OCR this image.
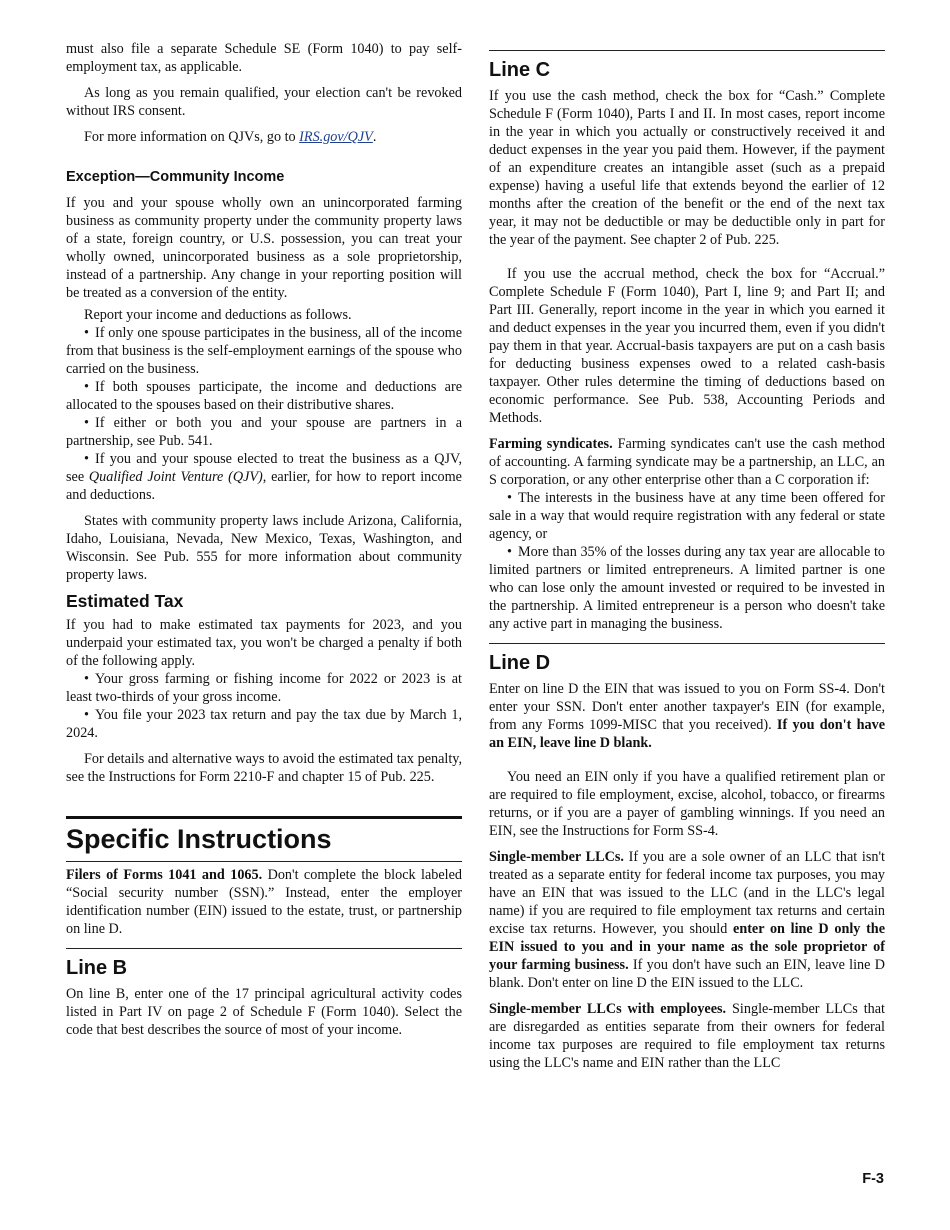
must also file a separate Schedule SE (Form 1040) to pay self-employment tax, as applicable.

As long as you remain qualified, your election can't be revoked without IRS consent.

For more information on QJVs, go to IRS.gov/QJV.

Exception—Community Income

If you and your spouse wholly own an unincorporated farming business as community property under the community property laws of a state, foreign country, or U.S. possession, you can treat your wholly owned, unincorporated business as a sole proprietorship, instead of a partnership. Any change in your reporting position will be treated as a conversion of the entity.

Report your income and deductions as follows.

• If only one spouse participates in the business, all of the income from that business is the self-employment earnings of the spouse who carried on the business.

• If both spouses participate, the income and deductions are allocated to the spouses based on their distributive shares.

• If either or both you and your spouse are partners in a partnership, see Pub. 541.

• If you and your spouse elected to treat the business as a QJV, see Qualified Joint Venture (QJV), earlier, for how to report income and deductions.

States with community property laws include Arizona, California, Idaho, Louisiana, Nevada, New Mexico, Texas, Washington, and Wisconsin. See Pub. 555 for more information about community property laws.

Estimated Tax

If you had to make estimated tax payments for 2023, and you underpaid your estimated tax, you won't be charged a penalty if both of the following apply.

• Your gross farming or fishing income for 2022 or 2023 is at least two-thirds of your gross income.

• You file your 2023 tax return and pay the tax due by March 1, 2024.

For details and alternative ways to avoid the estimated tax penalty, see the Instructions for Form 2210-F and chapter 15 of Pub. 225.

Specific Instructions

Filers of Forms 1041 and 1065. Don't complete the block labeled “Social security number (SSN).” Instead, enter the employer identification number (EIN) issued to the estate, trust, or partnership on line D.

Line B

On line B, enter one of the 17 principal agricultural activity codes listed in Part IV on page 2 of Schedule F (Form 1040). Select the code that best describes the source of most of your income.

Line C

If you use the cash method, check the box for “Cash.” Complete Schedule F (Form 1040), Parts I and II. In most cases, report income in the year in which you actually or constructively received it and deduct expenses in the year you paid them. However, if the payment of an expenditure creates an intangible asset (such as a prepaid expense) having a useful life that extends beyond the earlier of 12 months after the creation of the benefit or the end of the next tax year, it may not be deductible or may be deductible only in part for the year of the payment. See chapter 2 of Pub. 225.

If you use the accrual method, check the box for “Accrual.” Complete Schedule F (Form 1040), Part I, line 9; and Part II; and Part III. Generally, report income in the year in which you earned it and deduct expenses in the year you incurred them, even if you didn't pay them in that year. Accrual-basis taxpayers are put on a cash basis for deducting business expenses owed to a related cash-basis taxpayer. Other rules determine the timing of deductions based on economic performance. See Pub. 538, Accounting Periods and Methods.

Farming syndicates. Farming syndicates can't use the cash method of accounting. A farming syndicate may be a partnership, an LLC, an S corporation, or any other enterprise other than a C corporation if:

• The interests in the business have at any time been offered for sale in a way that would require registration with any federal or state agency, or

• More than 35% of the losses during any tax year are allocable to limited partners or limited entrepreneurs. A limited partner is one who can lose only the amount invested or required to be invested in the partnership. A limited entrepreneur is a person who doesn't take any active part in managing the business.

Line D

Enter on line D the EIN that was issued to you on Form SS-4. Don't enter your SSN. Don't enter another taxpayer's EIN (for example, from any Forms 1099-MISC that you received). If you don't have an EIN, leave line D blank.

You need an EIN only if you have a qualified retirement plan or are required to file employment, excise, alcohol, tobacco, or firearms returns, or if you are a payer of gambling winnings. If you need an EIN, see the Instructions for Form SS-4.

Single-member LLCs. If you are a sole owner of an LLC that isn't treated as a separate entity for federal income tax purposes, you may have an EIN that was issued to the LLC (and in the LLC's legal name) if you are required to file employment tax returns and certain excise tax returns. However, you should enter on line D only the EIN issued to you and in your name as the sole proprietor of your farming business. If you don't have such an EIN, leave line D blank. Don't enter on line D the EIN issued to the LLC.

Single-member LLCs with employees. Single-member LLCs that are disregarded as entities separate from their owners for federal income tax purposes are required to file employment tax returns using the LLC's name and EIN rather than the LLC

F-3
